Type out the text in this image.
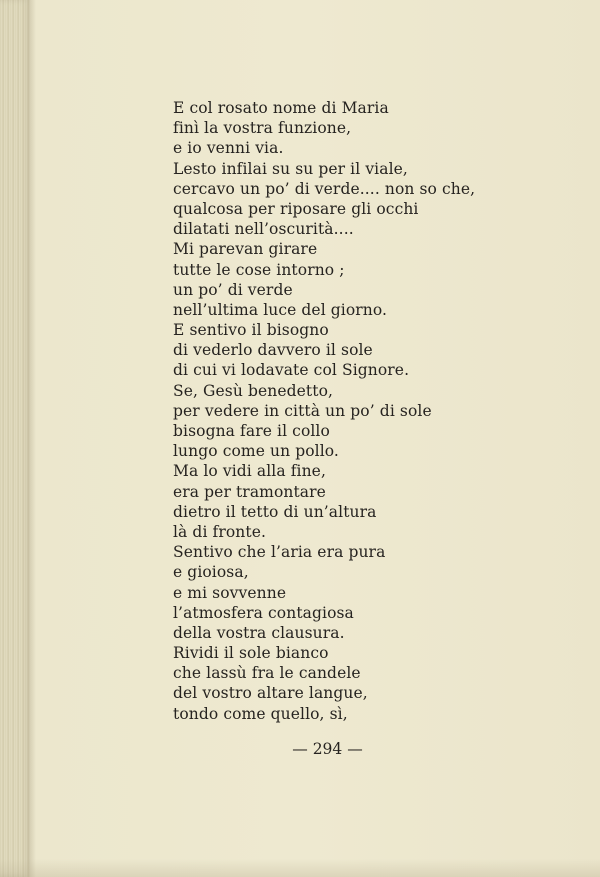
E col rosato nome di Maria
finì la vostra funzione,
e io venni via.
Lesto infilai su su per il viale,
cercavo un po’ di verde.... non so che,
qualcosa per riposare gli occhi
dilatati nell’oscurità....
Mi parevan girare
tutte le cose intorno ;
un po’ di verde
nell’ultima luce del giorno.
E sentivo il bisogno
di vederlo davvero il sole
di cui vi lodavate col Signore.
Se, Gesù benedetto,
per vedere in città un po’ di sole
bisogna fare il collo
lungo come un pollo.
Ma lo vidi alla fine,
era per tramontare
dietro il tetto di un’altura
là di fronte.
Sentivo che l’aria era pura
e gioiosa,
e mi sovvenne
l’atmosfera contagiosa
della vostra clausura.
Rividi il sole bianco
che lassù fra le candele
del vostro altare langue,
tondo come quello, sì,
— 294 —
